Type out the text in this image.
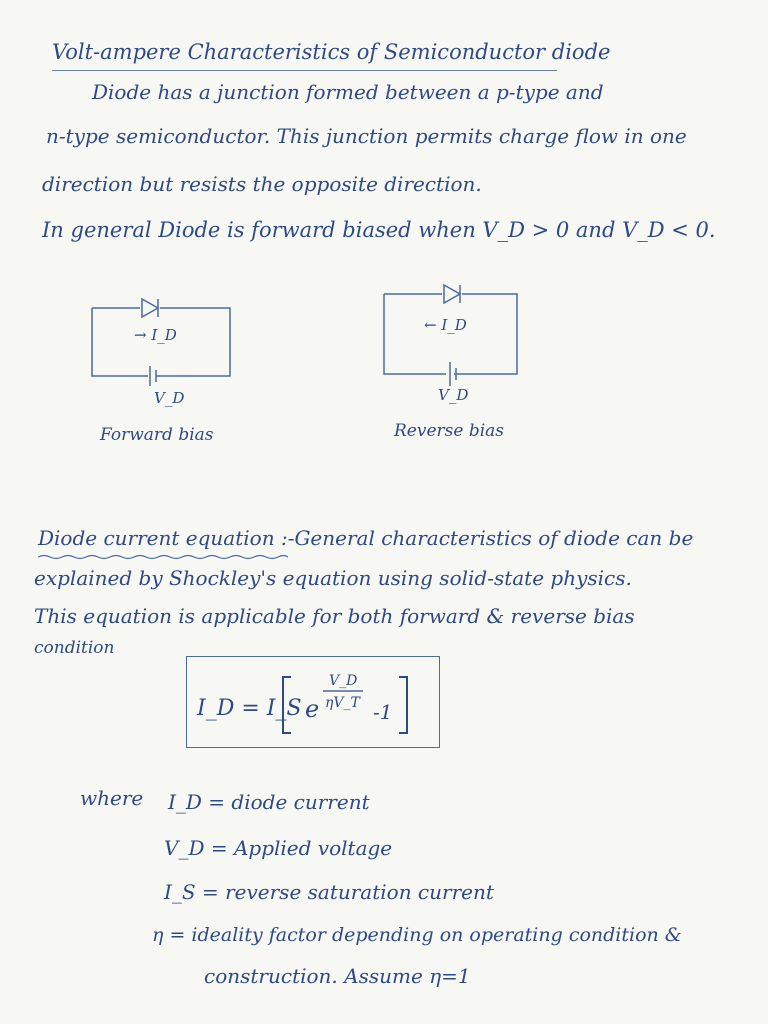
Volt-ampere Characteristics of Semiconductor diode
Diode has a junction formed between a p-type and
n-type semiconductor. This junction permits charge flow in one
direction but resists the opposite direction.
In general Diode is forward biased when V_D > 0 and V_D < 0.
→ I_D
V_D
Forward bias
← I_D
V_D
Reverse bias
Diode current equation :-General characteristics of diode can be
explained by Shockley's equation using solid-state physics.
This equation is applicable for both forward & reverse bias
condition
I_D = I_S e
V_D
ηV_T -1
where I_D = diode current
V_D = Applied voltage
I_S = reverse saturation current
η = ideality factor depending on operating condition &
construction. Assume η=1
